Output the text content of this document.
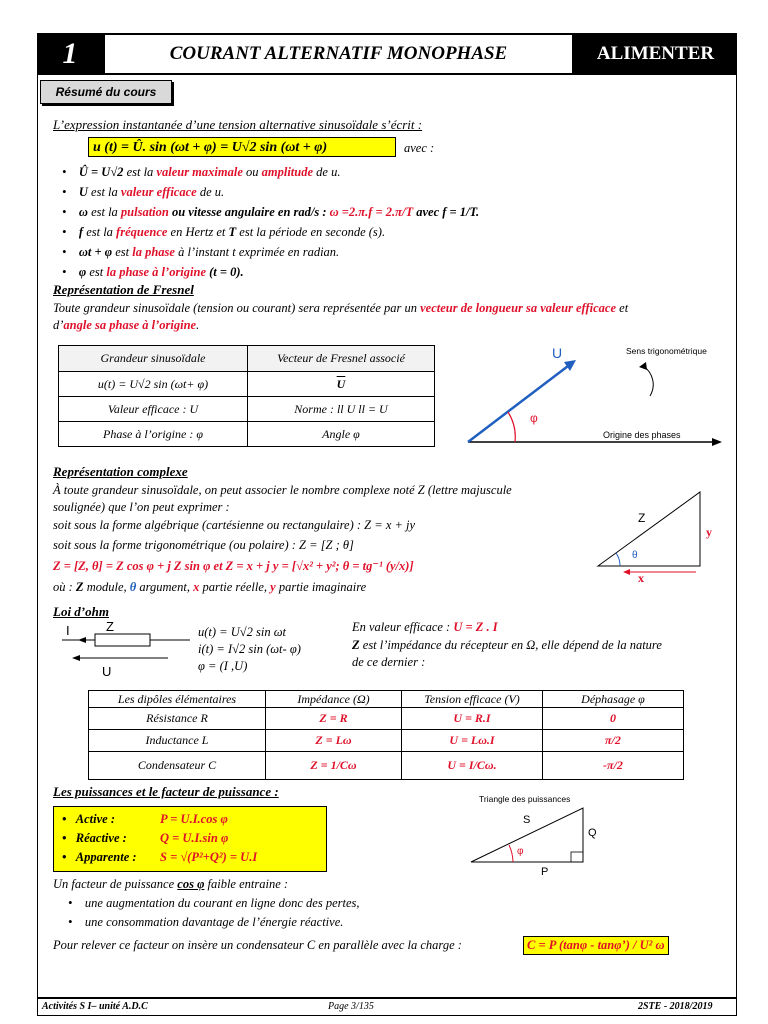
1	COURANT ALTERNATIF MONOPHASE	ALIMENTER
Résumé du cours
L’expression instantanée d’une tension alternative sinusoïdale s’écrit :
u (t) = Û. sin (ωt + φ) = U√2 sin (ωt + φ)	avec :
•    Û = U√2 est la valeur maximale ou amplitude de u.
•    U est la valeur efficace de u.
•    ω est la pulsation ou vitesse angulaire en rad/s : ω =2.π.f = 2.π/T avec f = 1/T.
•    f est la fréquence en Hertz et T est la période en seconde (s).
•    ωt + φ est la phase à l’instant t exprimée en radian.
•    φ est la phase à l’origine (t = 0).
Représentation de Fresnel
Toute grandeur sinusoïdale (tension ou courant) sera représentée par un vecteur de longueur sa valeur efficace et
d’angle sa phase à l’origine.
Grandeur sinusoïdale	Vecteur de Fresnel associé
u(t) = U√2 sin (ωt+ φ)	$\overline{U}$
Valeur efficace : U	Norme : ll U ll = U
Phase à l’origine : φ	Angle φ
U
φ
Sens trigonométrique
Origine des phases
Représentation complexe
À toute grandeur sinusoïdale, on peut associer le nombre complexe noté Z (lettre majuscule
soulignée) que l’on peut exprimer :
soit sous la forme algébrique (cartésienne ou rectangulaire) : Z = x + jy
soit sous la forme trigonométrique (ou polaire) : Z = [Z ; θ]
Z = [Z, θ] = Z cos φ + j Z sin φ et Z = x + j y = [√x² + y²; θ = tg⁻¹ (y/x)]
où : Z module, θ argument, x partie réelle, y partie imaginaire
Z
y
x
θ
Loi d’ohm
I	Z
U
u(t) = U√2 sin ωt
i(t) = I√2 sin (ωt- φ)
φ = (I ,U)
En valeur efficace : U = Z . I
Z est l’impédance du récepteur en Ω, elle dépend de la nature
de ce dernier :
Les dipôles élémentaires	Impédance (Ω)	Tension efficace (V)	Déphasage φ
Résistance R	Z = R	U = R.I	0
Inductance L	Z = Lω	U = Lω.I	π/2
Condensateur C	Z = 1/Cω	U = I/Cω.	-π/2
Les puissances et le facteur de puissance :
•   Active :	P = U.I.cos φ
•   Réactive :	Q = U.I.sin φ
•   Apparente : S = √(P²+Q²) = U.I
Triangle des puissances
S
Q
P
φ
Un facteur de puissance cos φ faible entraine :
•    une augmentation du courant en ligne donc des pertes,
•    une consommation davantage de l’énergie réactive.
Pour relever ce facteur on insère un condensateur C en parallèle avec la charge :	C = P (tanφ - tanφ’) / U² ω
Activités S I– unité A.D.C	Page 3/135	2STE - 2018/2019
